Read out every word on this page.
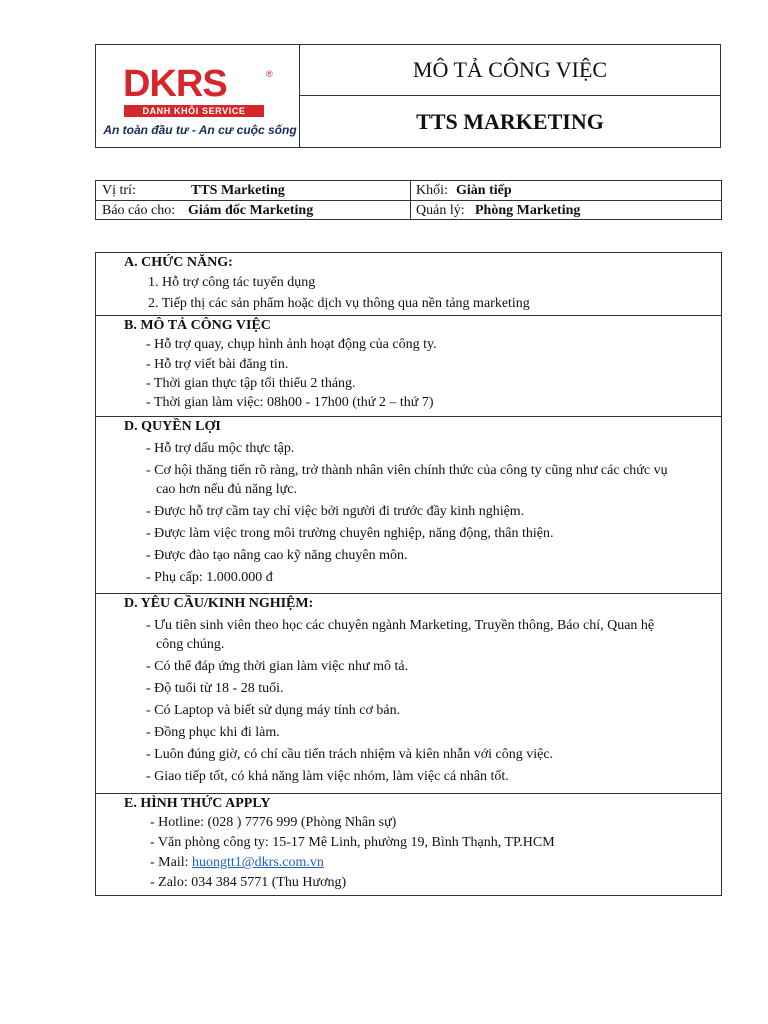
DKRS	®
DANH KHÔI SERVICE
An toàn đầu tư - An cư cuộc sống
MÔ TẢ CÔNG VIỆC
TTS MARKETING
Vị trí:	TTS Marketing	Khối: Giàn tiếp
Báo cáo cho: Giám đốc Marketing	Quản lý: Phòng Marketing
A. CHỨC NĂNG:
1. Hỗ trợ công tác tuyển dụng
2. Tiếp thị các sản phẩm hoặc dịch vụ thông qua nền tảng marketing
B. MÔ TẢ CÔNG VIỆC
- Hỗ trợ quay, chụp hình ảnh hoạt động của công ty.
- Hỗ trợ viết bài đăng tin.
- Thời gian thực tập tối thiểu 2 tháng.
- Thời gian làm việc: 08h00 - 17h00 (thứ 2 – thứ 7)
D. QUYỀN LỢI
- Hỗ trợ dấu mộc thực tập.
- Cơ hội thăng tiến rõ ràng, trở thành nhân viên chính thức của công ty cũng như các chức vụ
cao hơn nếu đủ năng lực.
- Được hỗ trợ cầm tay chỉ việc bởi người đi trước đầy kinh nghiệm.
- Được làm việc trong môi trường chuyên nghiệp, năng động, thân thiện.
- Được đào tạo nâng cao kỹ năng chuyên môn.
- Phụ cấp: 1.000.000 đ
D. YÊU CẦU/KINH NGHIỆM:
- Ưu tiên sinh viên theo học các chuyên ngành Marketing, Truyền thông, Báo chí, Quan hệ
công chúng.
- Có thể đáp ứng thời gian làm việc như mô tả.
- Độ tuổi từ 18 - 28 tuổi.
- Có Laptop và biết sử dụng máy tính cơ bản.
- Đồng phục khi đi làm.
- Luôn đúng giờ, có chí cầu tiến trách nhiệm và kiên nhẫn với công việc.
- Giao tiếp tốt, có khả năng làm việc nhóm, làm việc cá nhân tốt.
E. HÌNH THỨC APPLY
- Hotline: (028 ) 7776 999 (Phòng Nhân sự)
- Văn phòng công ty: 15-17 Mê Linh, phường 19, Bình Thạnh, TP.HCM
- Mail: huongtt1@dkrs.com.vn
- Zalo: 034 384 5771 (Thu Hương)
